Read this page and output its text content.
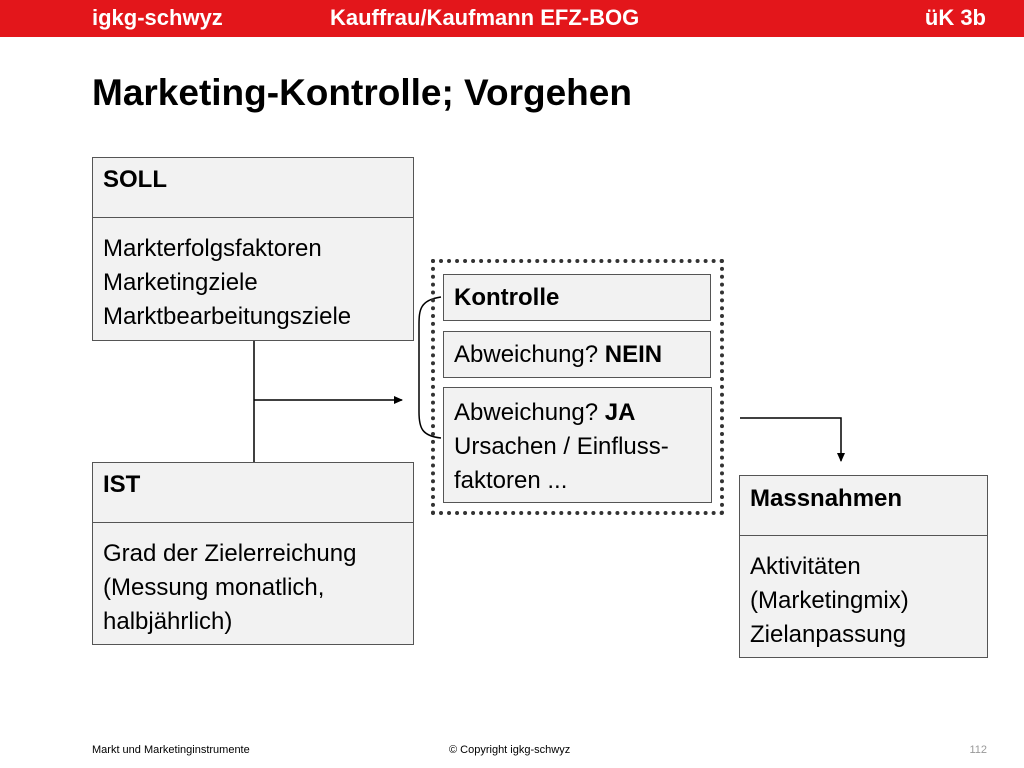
igkg-schwyz	Kauffrau/Kaufmann EFZ-BOG	üK 3b
Marketing-Kontrolle; Vorgehen
SOLL
Markterfolgsfaktoren
Marketingziele
Marktbearbeitungsziele
IST
Grad der Zielerreichung
(Messung monatlich,
halbjährlich)
Kontrolle
Abweichung? NEIN
Abweichung? JA
Ursachen / Einfluss-
faktoren ...
Massnahmen
Aktivitäten
(Marketingmix)
Zielanpassung
Markt und Marketinginstrumente	© Copyright igkg-schwyz	112
